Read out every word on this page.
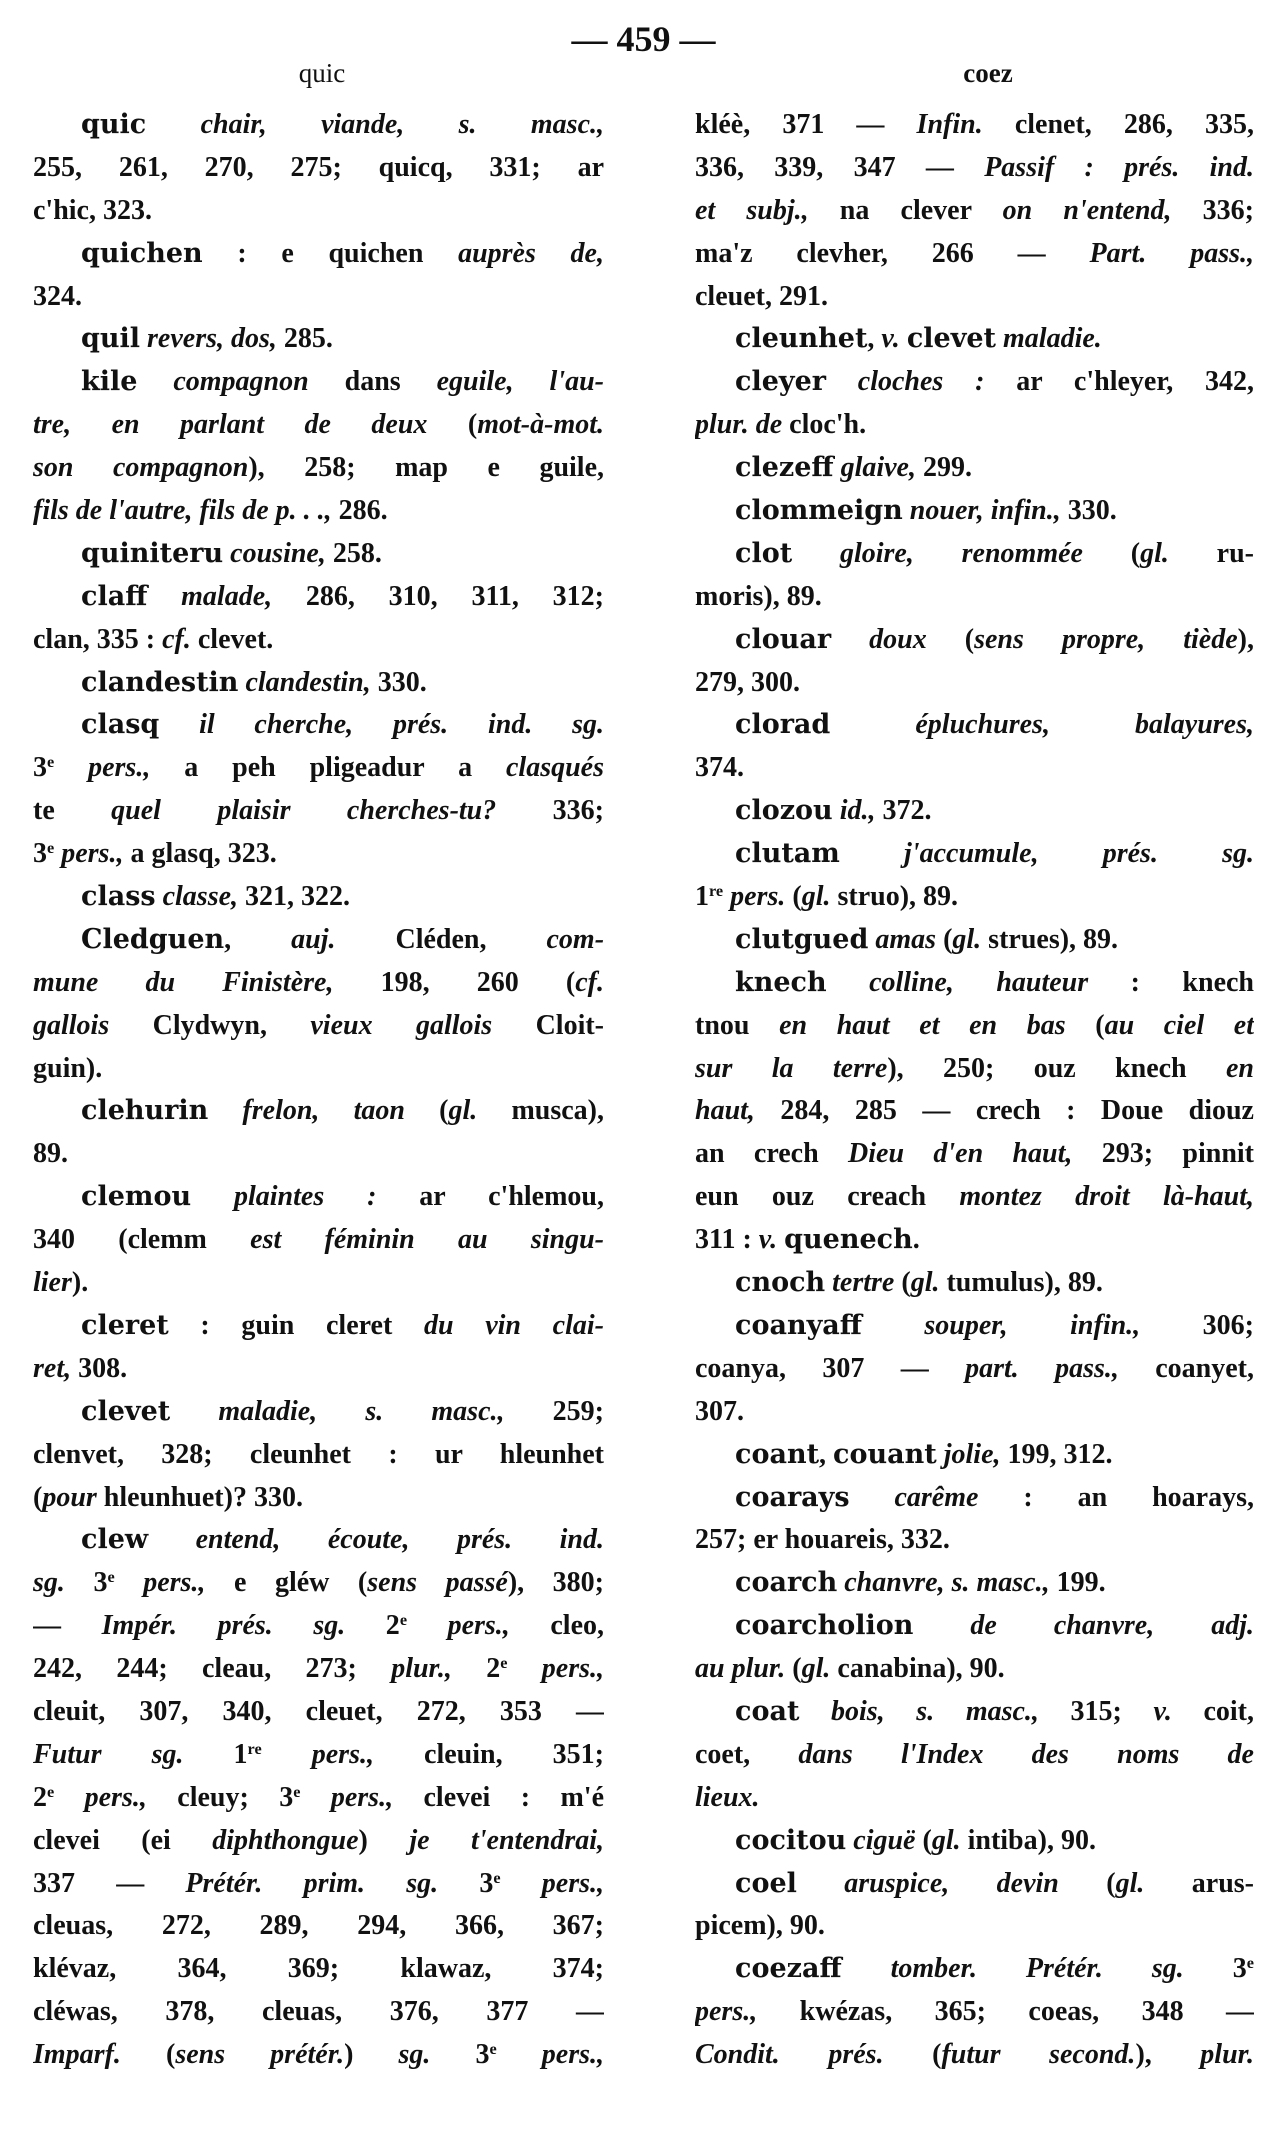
— 459 —
quic	coez
quic chair, viande, s. masc.,
255, 261, 270, 275; quicq, 331; ar
c'hic, 323.
quichen : e quichen auprès de,
324.
quil revers, dos, 285.
kile compagnon dans eguile, l'au-
tre, en parlant de deux (mot-à-mot.
son compagnon), 258; map e guile,
fils de l'autre, fils de p. . ., 286.
quiniteru cousine, 258.
claff malade, 286, 310, 311, 312;
clan, 335 : cf. clevet.
clandestin clandestin, 330.
clasq il cherche, prés. ind. sg.
3e pers., a peh pligeadur a clasqués
te quel plaisir cherches-tu? 336;
3e pers., a glasq, 323.
class classe, 321, 322.
Cledguen, auj. Cléden, com-
mune du Finistère, 198, 260 (cf.
gallois Clydwyn, vieux gallois Cloit-
guin).
clehurin frelon, taon (gl. musca),
89.
clemou plaintes : ar c'hlemou,
340 (clemm est féminin au singu-
lier).
cleret : guin cleret du vin clai-
ret, 308.
clevet maladie, s. masc., 259;
clenvet, 328; cleunhet : ur hleunhet
(pour hleunhuet)? 330.
clew entend, écoute, prés. ind.
sg. 3e pers., e gléw (sens passé), 380;
— Impér. prés. sg. 2e pers., cleo,
242, 244; cleau, 273; plur., 2e pers.,
cleuit, 307, 340, cleuet, 272, 353 —
Futur sg. 1re pers., cleuin, 351;
2e pers., cleuy; 3e pers., clevei : m'é
clevei (ei diphthongue) je t'entendrai,
337 — Prétér. prim. sg. 3e pers.,
cleuas, 272, 289, 294, 366, 367;
klévaz, 364, 369; klawaz, 374;
cléwas, 378, cleuas, 376, 377 —
Imparf. (sens prétér.) sg. 3e pers.,
kléè, 371 — Infin. clenet, 286, 335,
336, 339, 347 — Passif : prés. ind.
et subj., na clever on n'entend, 336;
ma'z clevher, 266 — Part. pass.,
cleuet, 291.
cleunhet, v. clevet maladie.
cleyer cloches : ar c'hleyer, 342,
plur. de cloc'h.
clezeff glaive, 299.
clommeign nouer, infin., 330.
clot gloire, renommée (gl. ru-
moris), 89.
clouar doux (sens propre, tiède),
279, 300.
clorad épluchures, balayures,
374.
clozou id., 372.
clutam j'accumule, prés. sg.
1re pers. (gl. struo), 89.
clutgued amas (gl. strues), 89.
knech colline, hauteur : knech
tnou en haut et en bas (au ciel et
sur la terre), 250; ouz knech en
haut, 284, 285 — crech : Doue diouz
an crech Dieu d'en haut, 293; pinnit
eun ouz creach montez droit là-haut,
311 : v. quenech.
cnoch tertre (gl. tumulus), 89.
coanyaff souper, infin., 306;
coanya, 307 — part. pass., coanyet,
307.
coant, couant jolie, 199, 312.
coarays carême : an hoarays,
257; er houareis, 332.
coarch chanvre, s. masc., 199.
coarcholion de chanvre, adj.
au plur. (gl. canabina), 90.
coat bois, s. masc., 315; v. coit,
coet, dans l'Index des noms de
lieux.
cocitou ciguë (gl. intiba), 90.
coel aruspice, devin (gl. arus-
picem), 90.
coezaff tomber. Prétér. sg. 3e
pers., kwézas, 365; coeas, 348 —
Condit. prés. (futur second.), plur.
